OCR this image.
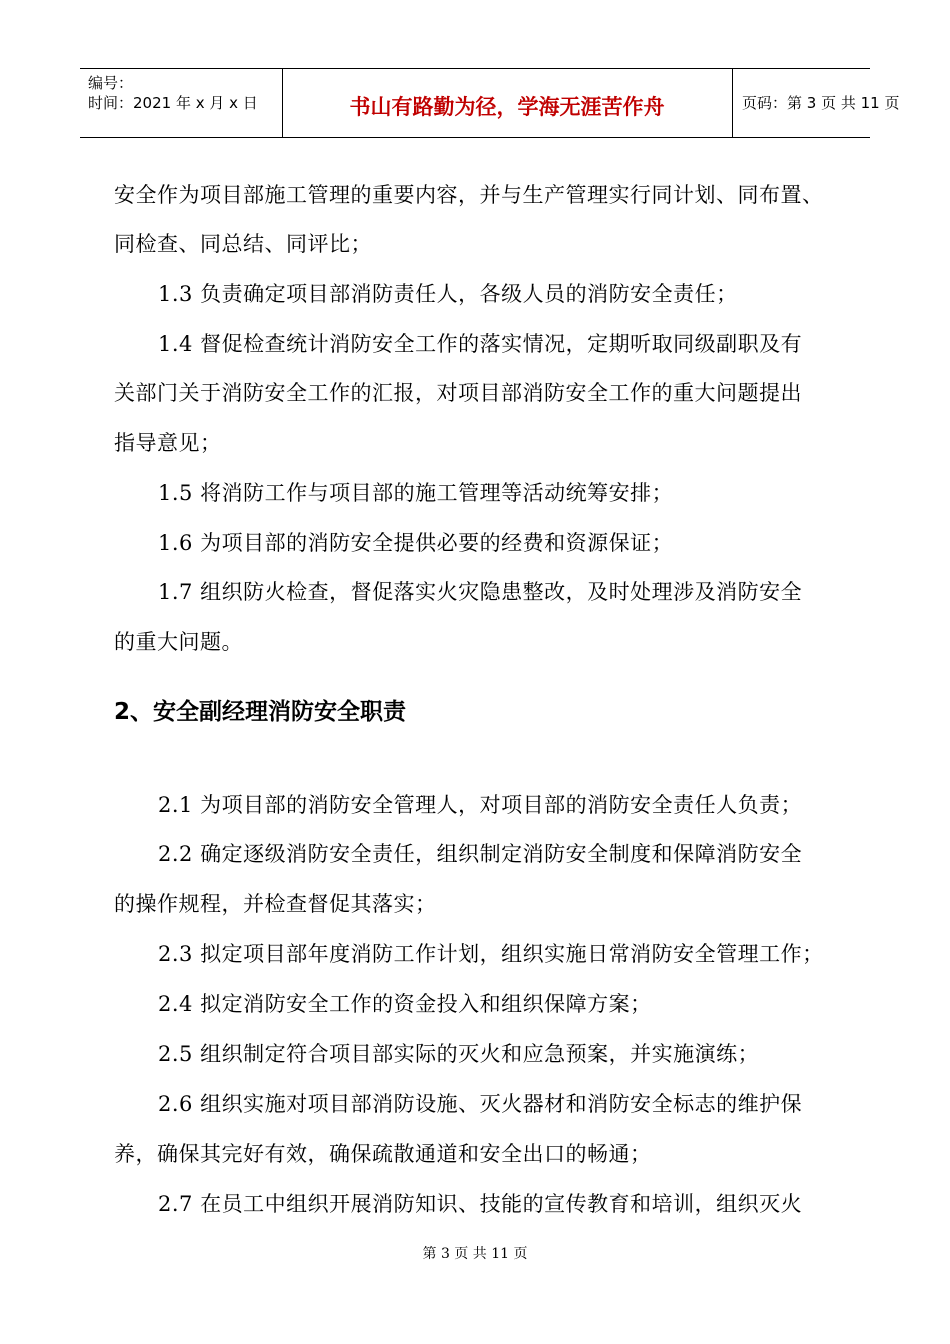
编号：
时间：2021 年 x 月 x 日	书山有路勤为径，学海无涯苦作舟	页码：第 3 页 共 11 页
安全作为项目部施工管理的重要内容，并与生产管理实行同计划、同布置、
同检查、同总结、同评比；
1.3 负责确定项目部消防责任人，各级人员的消防安全责任；
1.4 督促检查统计消防安全工作的落实情况，定期听取同级副职及有
关部门关于消防安全工作的汇报，对项目部消防安全工作的重大问题提出
指导意见；
1.5 将消防工作与项目部的施工管理等活动统筹安排；
1.6 为项目部的消防安全提供必要的经费和资源保证；
1.7 组织防火检查，督促落实火灾隐患整改，及时处理涉及消防安全
的重大问题。
2、安全副经理消防安全职责
2.1 为项目部的消防安全管理人，对项目部的消防安全责任人负责；
2.2 确定逐级消防安全责任，组织制定消防安全制度和保障消防安全
的操作规程，并检查督促其落实；
2.3 拟定项目部年度消防工作计划，组织实施日常消防安全管理工作；
2.4 拟定消防安全工作的资金投入和组织保障方案；
2.5 组织制定符合项目部实际的灭火和应急预案，并实施演练；
2.6 组织实施对项目部消防设施、灭火器材和消防安全标志的维护保
养，确保其完好有效，确保疏散通道和安全出口的畅通；
2.7 在员工中组织开展消防知识、技能的宣传教育和培训，组织灭火
第 3 页 共 11 页
